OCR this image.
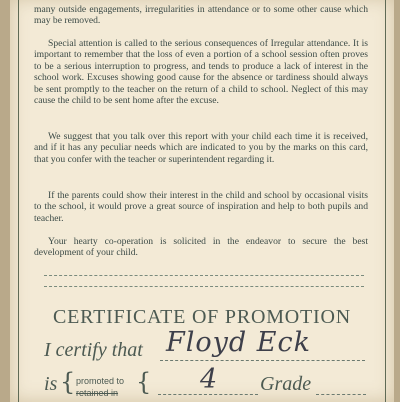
many outside engagements, irregularities in attendance or to some other cause which may be removed.
Special attention is called to the serious consequences of Irregular attendance. It is important to remember that the loss of even a portion of a school session often proves to be a serious interruption to progress, and tends to produce a lack of interest in the school work. Excuses showing good cause for the absence or tardiness should always be sent promptly to the teacher on the return of a child to school. Neglect of this may cause the child to be sent home after the excuse.
We suggest that you talk over this report with your child each time it is received, and if it has any peculiar needs which are indicated to you by the marks on this card, that you confer with the teacher or superintendent regarding it.
If the parents could show their interest in the child and school by occasional visits to the school, it would prove a great source of inspiration and help to both pupils and teacher.
Your hearty co-operation is solicited in the endeavor to secure the best development of your child.
CERTIFICATE OF PROMOTION
I certify that Floyd Eck
is { promoted to
retained in { 4 Grade
